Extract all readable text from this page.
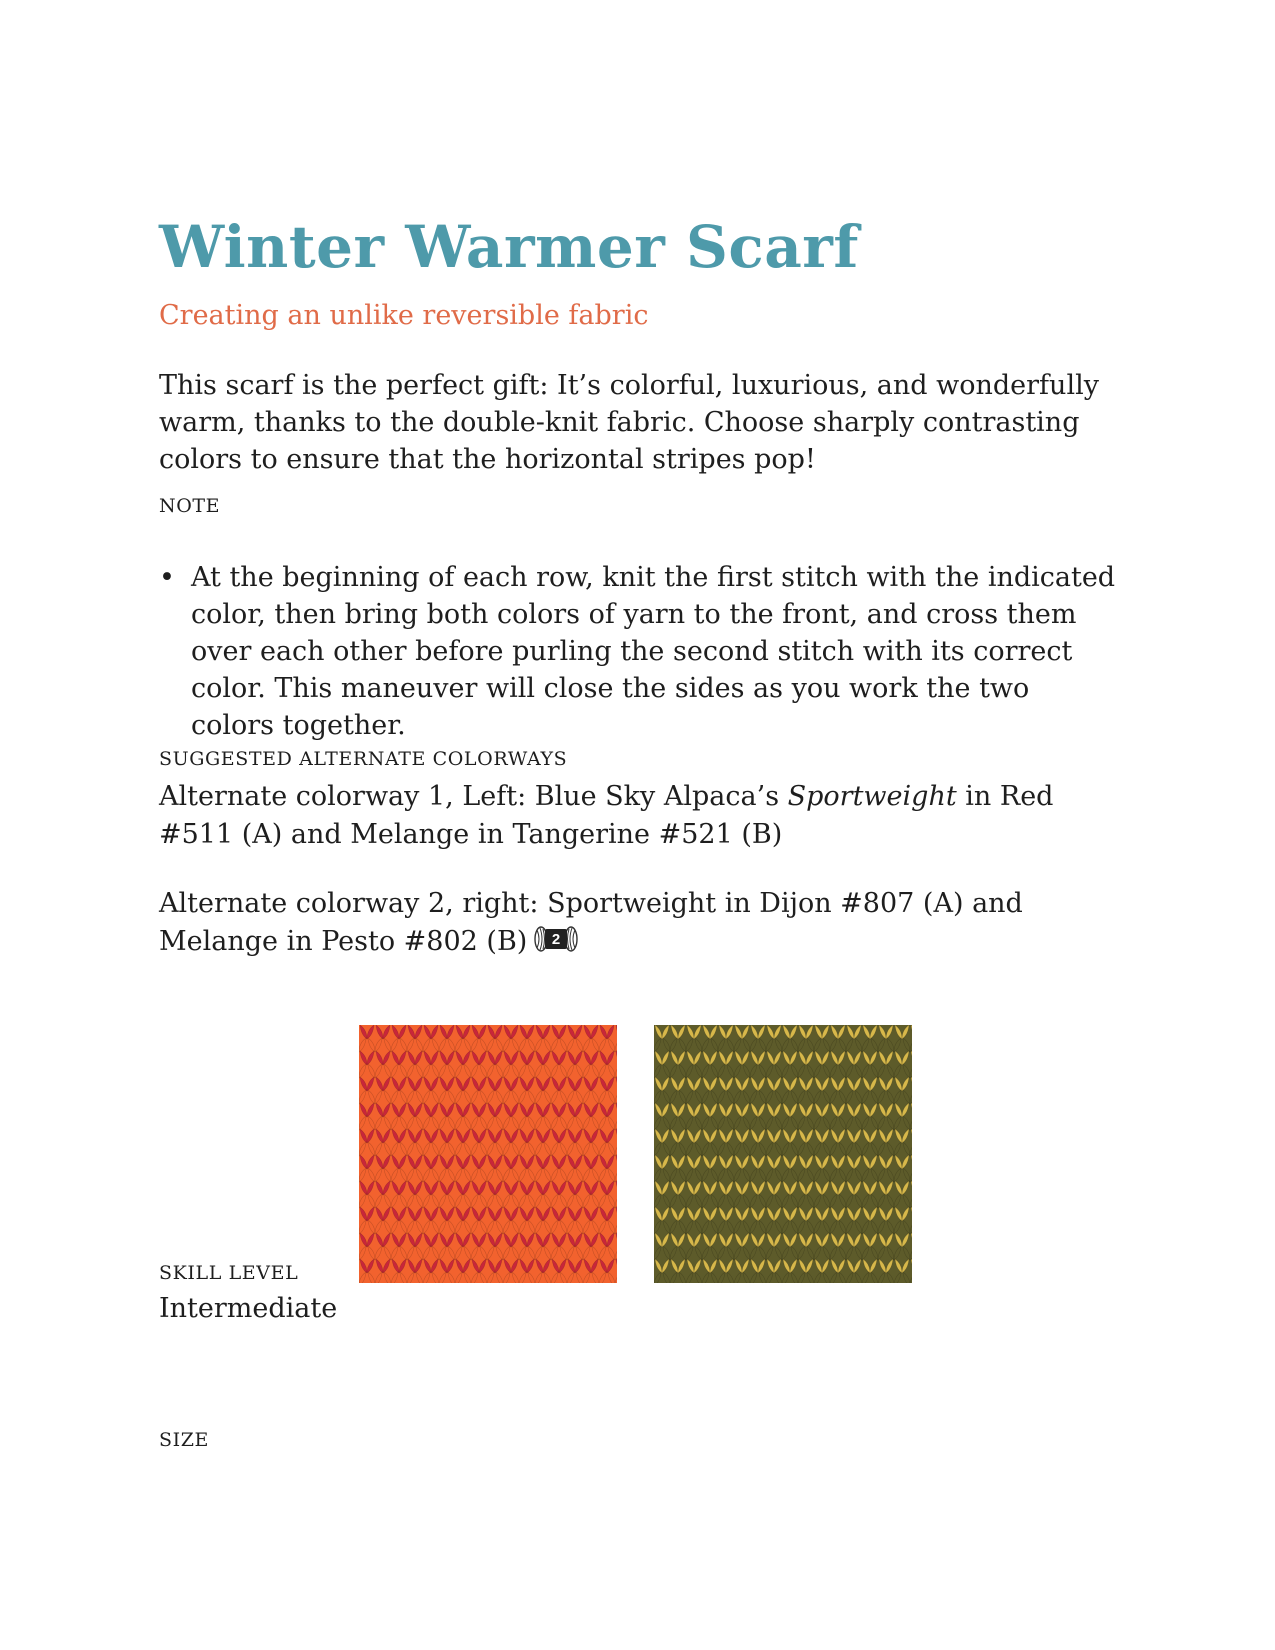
Winter Warmer Scarf
Creating an unlike reversible fabric

This scarf is the perfect gift: It’s colorful, luxurious, and wonderfully warm, thanks to the double-knit fabric. Choose sharply contrasting colors to ensure that the horizontal stripes pop!

NOTE
• At the beginning of each row, knit the first stitch with the indicated color, then bring both colors of yarn to the front, and cross them over each other before purling the second stitch with its correct color. This maneuver will close the sides as you work the two colors together.
SUGGESTED ALTERNATE COLORWAYS

Alternate colorway 1, Left: Blue Sky Alpaca’s Sportweight in Red #511 (A) and Melange in Tangerine #521 (B)

Alternate colorway 2, right: Sportweight in Dijon #807 (A) and Melange in Pesto #802 (B) 2

SKILL LEVEL
Intermediate
SIZE
